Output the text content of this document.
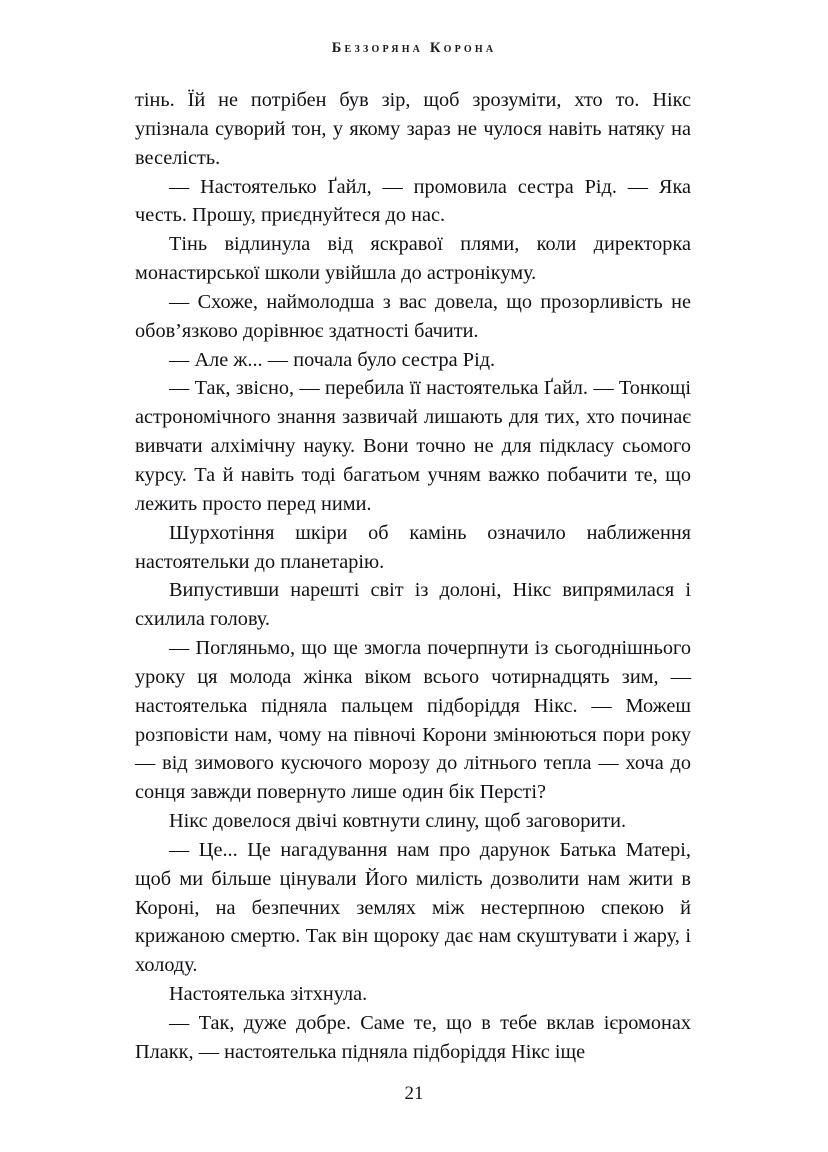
Беззоряна Корона

тінь. Їй не потрібен був зір, щоб зрозуміти, хто то. Нікс упізнала суворий тон, у якому зараз не чулося навіть натяку на веселість.

— Настоятелько Ґайл, — промовила сестра Рід. — Яка честь. Прошу, приєднуйтеся до нас.

Тінь відлинула від яскравої плями, коли директорка монастирської школи увійшла до астронікуму.

— Схоже, наймолодша з вас довела, що прозорливість не обов’язково дорівнює здатності бачити.

— Але ж... — почала було сестра Рід.

— Так, звісно, — перебила її настоятелька Ґайл. — Тонкощі астрономічного знання зазвичай лишають для тих, хто починає вивчати алхімічну науку. Вони точно не для підкласу сьомого курсу. Та й навіть тоді багатьом учням важко побачити те, що лежить просто перед ними.

Шурхотіння шкіри об камінь означило наближення настоятельки до планетарію.

Випустивши нарешті світ із долоні, Нікс випрямилася і схилила голову.

— Погляньмо, що ще змогла почерпнути із сьогоднішнього уроку ця молода жінка віком всього чотирнадцять зим, — настоятелька підняла пальцем підборіддя Нікс. — Можеш розповісти нам, чому на півночі Корони змінюються пори року — від зимового кусючого морозу до літнього тепла — хоча до сонця завжди повернуто лише один бік Персті?

Нікс довелося двічі ковтнути слину, щоб заговорити.

— Це... Це нагадування нам про дарунок Батька Матері, щоб ми більше цінували Його милість дозволити нам жити в Короні, на безпечних землях між нестерпною спекою й крижаною смертю. Так він щороку дає нам скуштувати і жару, і холоду.

Настоятелька зітхнула.

— Так, дуже добре. Саме те, що в тебе вклав ієромонах Плакк, — настоятелька підняла підборіддя Нікс іще

21
